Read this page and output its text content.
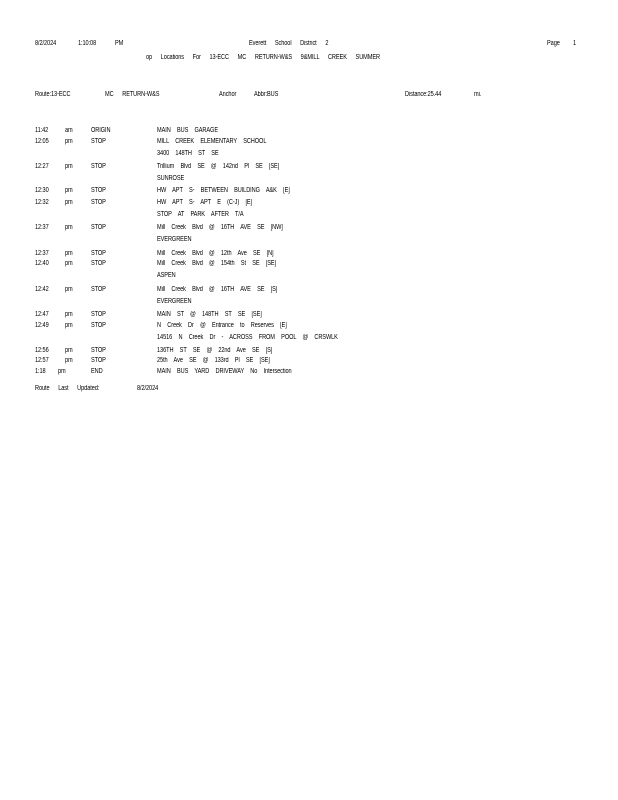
8/2/2024	1:10:08	PM	Everett School District 2	Page 1
op Locations For 13-ECC MC RETURN-W&S 9&MILL CREEK SUMMER
Route:13-ECC	MC RETURN-W&S	Anchor	Abbr:BUS	Distance:25.44	mi.
11:42 am	ORIGIN	MAIN BUS GARAGE
12:05 pm	STOP	MILL CREEK ELEMENTARY SCHOOL
3400 148TH ST SE
12:27 pm	STOP	Trillium Blvd SE @ 142nd Pl SE [SE]
SUNROSE
12:30 pm	STOP	HW APT S- BETWEEN BUILDING A&K [E]
12:32 pm	STOP	HW APT S- APT E (C-J) [E]
STOP AT PARK AFTER T/A
12:37 pm	STOP	Mill Creek Blvd @ 16TH AVE SE [NW]
EVERGREEN
12:37 pm	STOP	Mill Creek Blvd @ 12th Ave SE [N]
12:40 pm	STOP	Mill Creek Blvd @ 154th St SE [SE]
ASPEN
12:42 pm	STOP	Mill Creek Blvd @ 16TH AVE SE [S]
EVERGREEN
12:47 pm	STOP	MAIN ST @ 148TH ST SE [SE]
12:49 pm	STOP	N Creek Dr @ Entrance to Reserves [E]
14516 N Creek Dr - ACROSS FROM POOL @ CRSWLK
12:56 pm	STOP	136TH ST SE @ 22nd Ave SE [S]
12:57 pm	STOP	25th Ave SE @ 133rd Pl SE [SE]
1:18 pm	END	MAIN BUS YARD DRIVEWAY No Intersection
Route Last Updated:	8/2/2024
